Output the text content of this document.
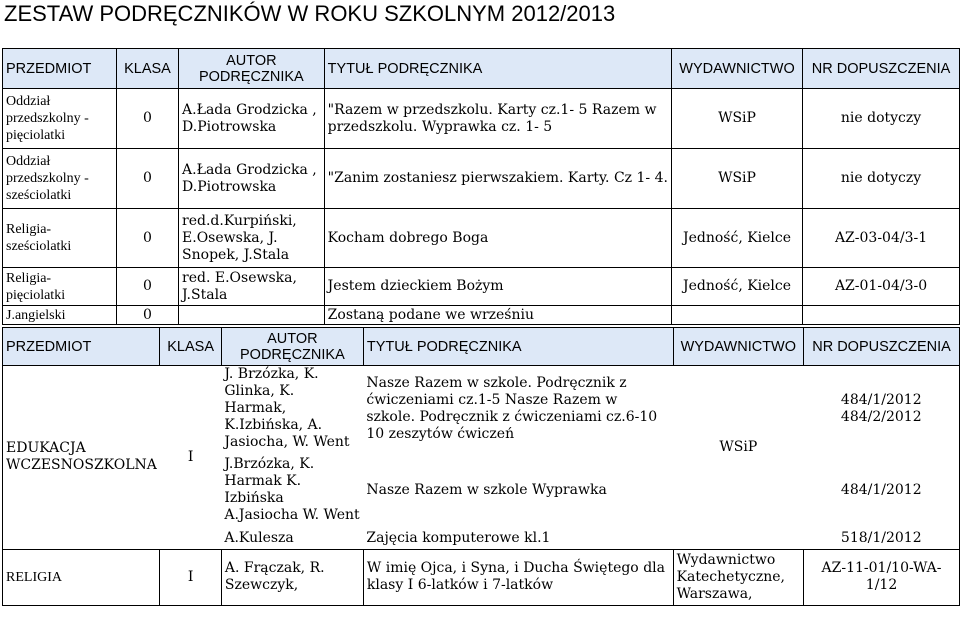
ZESTAW PODRĘCZNIKÓW W ROKU SZKOLNYM 2012/2013
PRZEDMIOT	KLASA	AUTOR PODRĘCZNIKA	TYTUŁ PODRĘCZNIKA	WYDAWNICTWO	NR DOPUSZCZENIA
Oddział przedszkolny - pięciolatki	0	A.Łada Grodzicka , D.Piotrowska	"Razem w przedszkolu. Karty cz.1- 5 Razem w przedszkolu. Wyprawka cz. 1- 5	WSiP	nie dotyczy
Oddział przedszkolny - sześciolatki	0	A.Łada Grodzicka , D.Piotrowska	"Zanim zostaniesz pierwszakiem. Karty. Cz 1- 4.	WSiP	nie dotyczy
Religia- sześciolatki	0	red.d.Kurpiński, E.Osewska, J. Snopek, J.Stala	Kocham dobrego Boga	Jedność, Kielce	AZ-03-04/3-1
Religia- pięciolatki	0	red. E.Osewska, J.Stala	Jestem dzieckiem Bożym	Jedność, Kielce	AZ-01-04/3-0
J.angielski	0		Zostaną podane we wrześniu		
PRZEDMIOT	KLASA	AUTOR PODRĘCZNIKA	TYTUŁ PODRĘCZNIKA	WYDAWNICTWO	NR DOPUSZCZENIA
EDUKACJA WCZESNOSZKOLNA	I	J. Brzózka, K. Glinka, K. Harmak, K.Izbińska, A. Jasiocha, W. Went	Nasze Razem w szkole. Podręcznik z ćwiczeniami cz.1-5 Nasze Razem w szkole. Podręcznik z ćwiczeniami cz.6-10 10 zeszytów ćwiczeń	WSiP	484/1/2012 484/2/2012
		J.Brzózka, K. Harmak K. Izbińska A.Jasiocha W. Went	Nasze Razem w szkole Wyprawka		484/1/2012
		A.Kulesza	Zajęcia komputerowe kl.1		518/1/2012
RELIGIA	I	A. Frączak, R. Szewczyk,	W imię Ojca, i Syna, i Ducha Świętego dla klasy I 6-latków i 7-latków	Wydawnictwo Katechetyczne, Warszawa,	AZ-11-01/10-WA-1/12
